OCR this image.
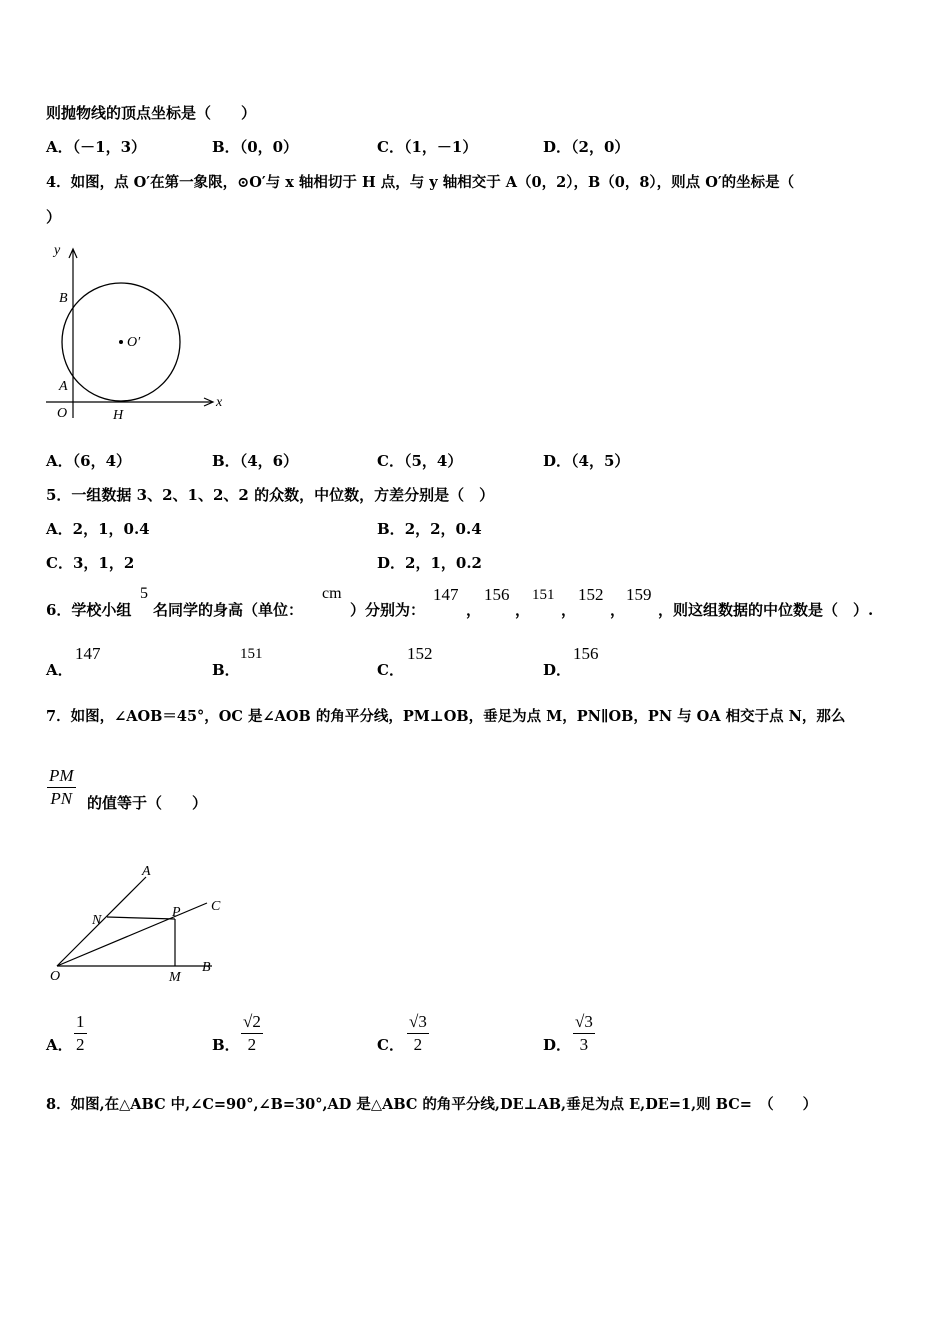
则抛物线的顶点坐标是（　　）
A．（－1，3）	B．（0，0）	C．（1，－1）	D．（2，0）
4．如图，点 O′在第一象限，⊙O′与 x 轴相切于 H 点，与 y 轴相交于 A（0，2），B（0，8），则点 O′的坐标是（
）
y
x
B
A
O	H
O′
A．（6，4）	B．（4，6）	C．（5，4）	D．（4，5）
5．一组数据 3、2、1、2、2 的众数，中位数，方差分别是（　）
A．2，1，0.4	B．2，2，0.4
C．3，1，2	D．2，1，0.2
6．学校小组
5
名同学的身高（单位：
cm
）分别为：
147
，
156
，
151
，
152
，
159
，则这组数据的中位数是（　）.
A．
147
B．
151
C．
152
D．
156
7．如图，∠AOB＝45°，OC 是∠AOB 的角平分线，PM⊥OB，垂足为点 M，PN∥OB，PN 与 OA 相交于点 N，那么
PM
PN 的值等于（　　）
A
N
P C
O	M
B
A．
1
2	B．
√2
2	C．
√3
2	D．
√3
3
8．如图,在△ABC 中,∠C=90°,∠B=30°,AD 是△ABC 的角平分线,DE⊥AB,垂足为点 E,DE=1,则 BC=　（　　）
